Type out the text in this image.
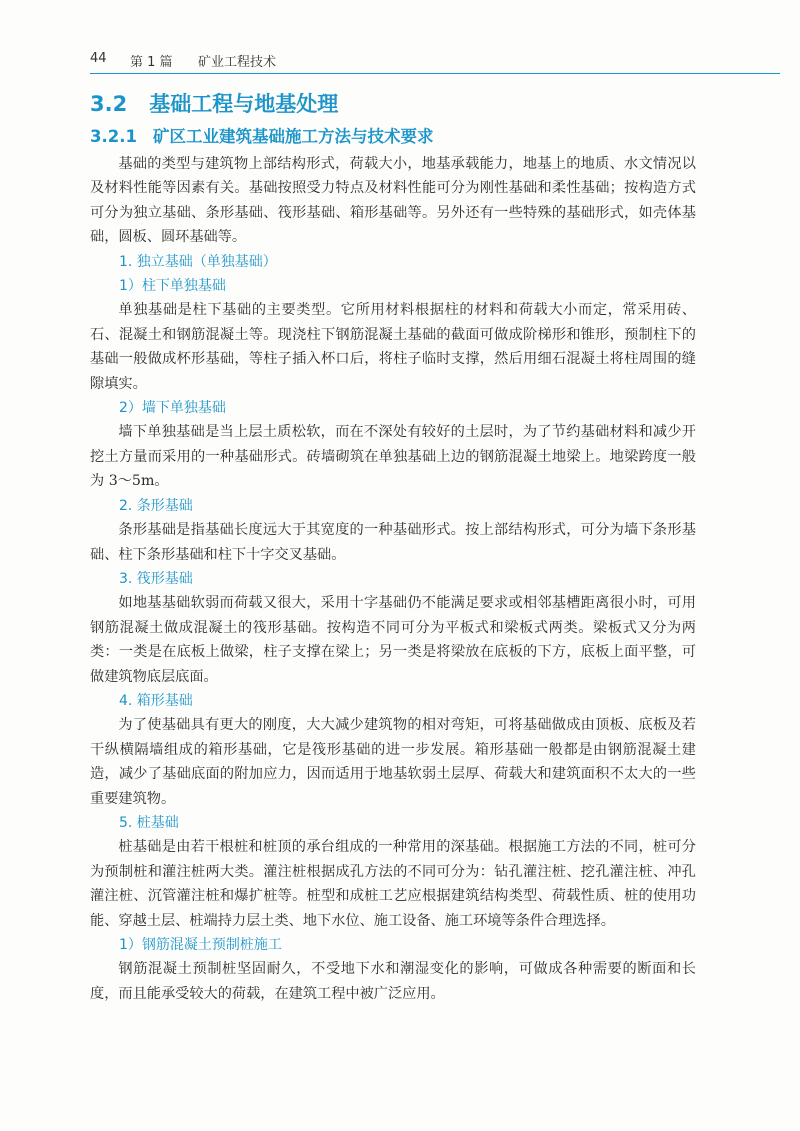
44 第 1 篇 矿业工程技术
3.2 基础工程与地基处理
3.2.1 矿区工业建筑基础施工方法与技术要求

基础的类型与建筑物上部结构形式，荷载大小，地基承载能力，地基上的地质、水文情况以及材料性能等因素有关。基础按照受力特点及材料性能可分为刚性基础和柔性基础；按构造方式可分为独立基础、条形基础、筏形基础、箱形基础等。另外还有一些特殊的基础形式，如壳体基础，圆板、圆环基础等。

1. 独立基础（单独基础）

1）柱下单独基础

单独基础是柱下基础的主要类型。它所用材料根据柱的材料和荷载大小而定，常采用砖、石、混凝土和钢筋混凝土等。现浇柱下钢筋混凝土基础的截面可做成阶梯形和锥形，预制柱下的基础一般做成杯形基础，等柱子插入杯口后，将柱子临时支撑，然后用细石混凝土将柱周围的缝隙填实。

2）墙下单独基础

墙下单独基础是当上层土质松软，而在不深处有较好的土层时，为了节约基础材料和减少开挖土方量而采用的一种基础形式。砖墙砌筑在单独基础上边的钢筋混凝土地梁上。地梁跨度一般为 3～5m。

2. 条形基础

条形基础是指基础长度远大于其宽度的一种基础形式。按上部结构形式，可分为墙下条形基础、柱下条形基础和柱下十字交叉基础。

3. 筏形基础

如地基基础软弱而荷载又很大，采用十字基础仍不能满足要求或相邻基槽距离很小时，可用钢筋混凝土做成混凝土的筏形基础。按构造不同可分为平板式和梁板式两类。梁板式又分为两类：一类是在底板上做梁，柱子支撑在梁上；另一类是将梁放在底板的下方，底板上面平整，可做建筑物底层底面。

4. 箱形基础

为了使基础具有更大的刚度，大大减少建筑物的相对弯矩，可将基础做成由顶板、底板及若干纵横隔墙组成的箱形基础，它是筏形基础的进一步发展。箱形基础一般都是由钢筋混凝土建造，减少了基础底面的附加应力，因而适用于地基软弱土层厚、荷载大和建筑面积不太大的一些重要建筑物。

5. 桩基础

桩基础是由若干根桩和桩顶的承台组成的一种常用的深基础。根据施工方法的不同，桩可分为预制桩和灌注桩两大类。灌注桩根据成孔方法的不同可分为：钻孔灌注桩、挖孔灌注桩、冲孔灌注桩、沉管灌注桩和爆扩桩等。桩型和成桩工艺应根据建筑结构类型、荷载性质、桩的使用功能、穿越土层、桩端持力层土类、地下水位、施工设备、施工环境等条件合理选择。

1）钢筋混凝土预制桩施工

钢筋混凝土预制桩坚固耐久，不受地下水和潮湿变化的影响，可做成各种需要的断面和长度，而且能承受较大的荷载，在建筑工程中被广泛应用。
